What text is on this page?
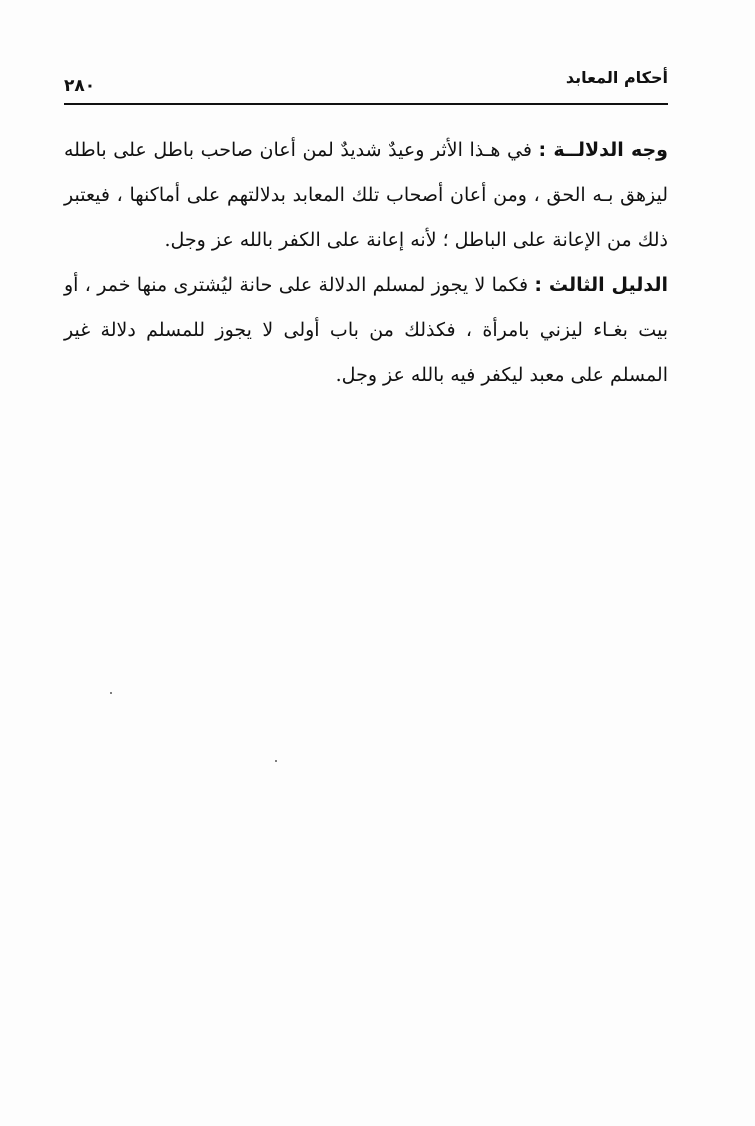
٢٨٠	أحكام المعابد

وجه الدلالــة : في هـذا الأثر وعيدٌ شديدٌ لمن أعان صاحب باطل على باطله ليزهق بـه الحق ، ومن أعان أصحاب تلك المعابد بدلالتهم على أماكنها ، فيعتبر ذلك من الإعانة على الباطل ؛ لأنه إعانة على الكفر بالله عز وجل.

الدليل الثالث : فكما لا يجوز لمسلم الدلالة على حانة ليُشترى منها خمر ، أو بيت بغـاء ليزني بامرأة ، فكذلك من باب أولى لا يجوز للمسلم دلالة غير المسلم على معبد ليكفر فيه بالله عز وجل.
